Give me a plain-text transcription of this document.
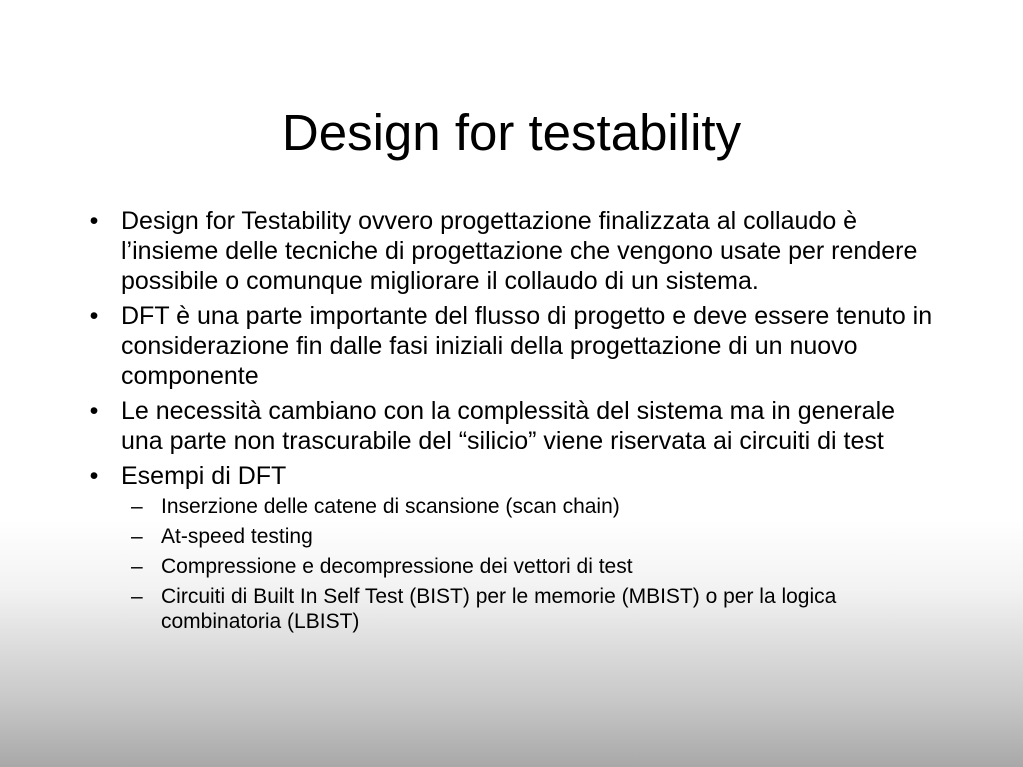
Design for testability
• Design for Testability ovvero progettazione finalizzata al collaudo è l’insieme delle tecniche di progettazione che vengono usate per rendere possibile o comunque migliorare il collaudo di un sistema.
• DFT è una parte importante del flusso di progetto e deve essere tenuto in considerazione fin dalle fasi iniziali della progettazione di un nuovo componente
• Le necessità cambiano con la complessità del sistema ma in generale una parte non trascurabile del “silicio” viene riservata ai circuiti di test
• Esempi di DFT
– Inserzione delle catene di scansione (scan chain)
– At-speed testing
– Compressione e decompressione dei vettori di test
– Circuiti di Built In Self Test (BIST) per le memorie (MBIST) o per la logica combinatoria (LBIST)
